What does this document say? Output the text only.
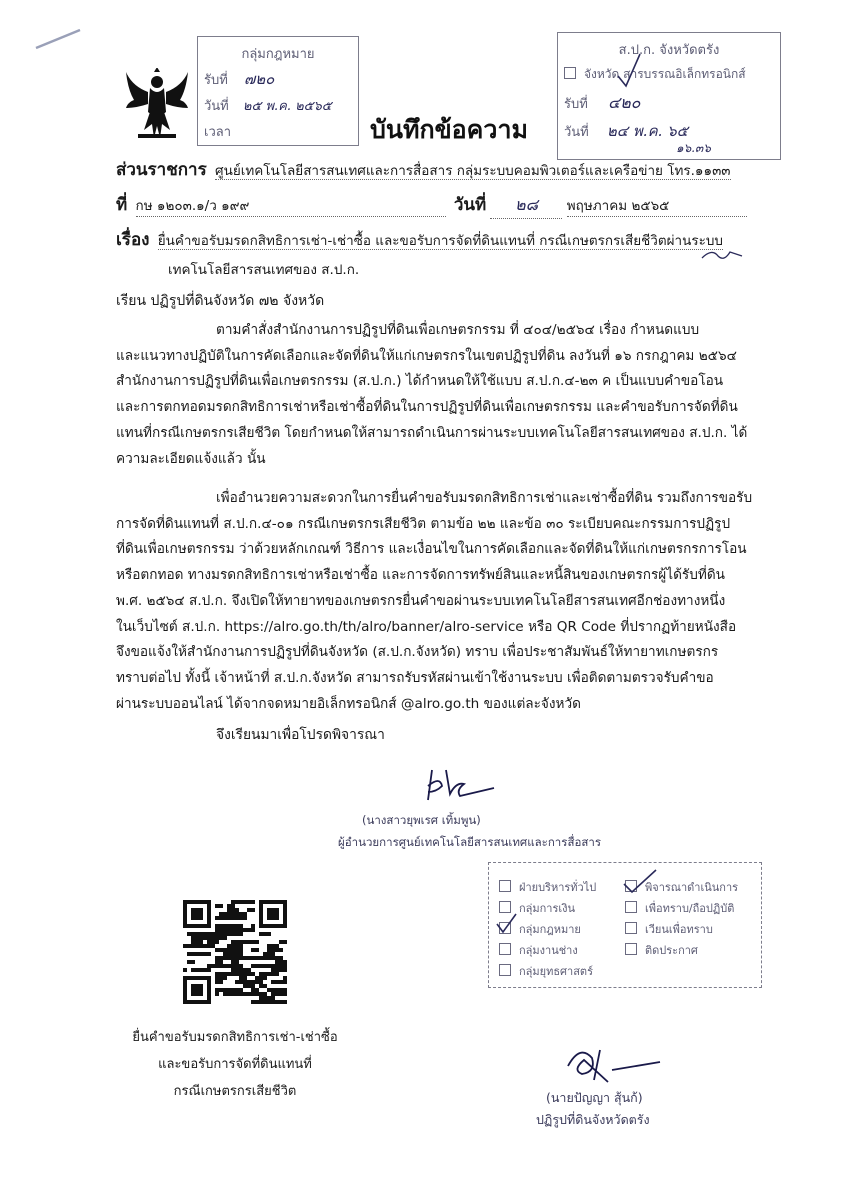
กลุ่มกฎหมาย
รับที่ ๗๒๐
วันที่ ๒๕ พ.ค. ๒๕๖๕
เวลา
ส.ป.ก. จังหวัดตรัง
จังหวัด สารบรรณอิเล็กทรอนิกส์
รับที่ ๔๒๐
วันที่ ๒๔ พ.ค. ๖๕
๑๖.๓๖
บันทึกข้อความ
ส่วนราชการ ศูนย์เทคโนโลยีสารสนเทศและการสื่อสาร กลุ่มระบบคอมพิวเตอร์และเครือข่าย โทร.๑๑๓๓
ที่ กษ ๑๒๐๓.๑/ว ๑๙๙	วันที่ ๒๘ พฤษภาคม ๒๕๖๕
เรื่อง ยื่นคำขอรับมรดกสิทธิการเช่า-เช่าซื้อ และขอรับการจัดที่ดินแทนที่ กรณีเกษตรกรเสียชีวิตผ่านระบบ
เทคโนโลยีสารสนเทศของ ส.ป.ก.
เรียน ปฏิรูปที่ดินจังหวัด ๗๒ จังหวัด
ตามคำสั่งสำนักงานการปฏิรูปที่ดินเพื่อเกษตรกรรม ที่ ๔๐๔/๒๕๖๔ เรื่อง กำหนดแบบ
และแนวทางปฏิบัติในการคัดเลือกและจัดที่ดินให้แก่เกษตรกรในเขตปฏิรูปที่ดิน ลงวันที่ ๑๖ กรกฎาคม ๒๕๖๔
สำนักงานการปฏิรูปที่ดินเพื่อเกษตรกรรม (ส.ป.ก.) ได้กำหนดให้ใช้แบบ ส.ป.ก.๔-๒๓ ค เป็นแบบคำขอโอน
และการตกทอดมรดกสิทธิการเช่าหรือเช่าซื้อที่ดินในการปฏิรูปที่ดินเพื่อเกษตรกรรม และคำขอรับการจัดที่ดิน
แทนที่กรณีเกษตรกรเสียชีวิต โดยกำหนดให้สามารถดำเนินการผ่านระบบเทคโนโลยีสารสนเทศของ ส.ป.ก. ได้
ความละเอียดแจ้งแล้ว นั้น
เพื่ออำนวยความสะดวกในการยื่นคำขอรับมรดกสิทธิการเช่าและเช่าซื้อที่ดิน รวมถึงการขอรับ
การจัดที่ดินแทนที่ ส.ป.ก.๔-๐๑ กรณีเกษตรกรเสียชีวิต ตามข้อ ๒๒ และข้อ ๓๐ ระเบียบคณะกรรมการปฏิรูป
ที่ดินเพื่อเกษตรกรรม ว่าด้วยหลักเกณฑ์ วิธีการ และเงื่อนไขในการคัดเลือกและจัดที่ดินให้แก่เกษตรกรการโอน
หรือตกทอด ทางมรดกสิทธิการเช่าหรือเช่าซื้อ และการจัดการทรัพย์สินและหนี้สินของเกษตรกรผู้ได้รับที่ดิน
พ.ศ. ๒๕๖๔ ส.ป.ก. จึงเปิดให้ทายาทของเกษตรกรยื่นคำขอผ่านระบบเทคโนโลยีสารสนเทศอีกช่องทางหนึ่ง
ในเว็บไซต์ ส.ป.ก. https://alro.go.th/th/alro/banner/alro-service หรือ QR Code ที่ปรากฏท้ายหนังสือ
จึงขอแจ้งให้สำนักงานการปฏิรูปที่ดินจังหวัด (ส.ป.ก.จังหวัด) ทราบ เพื่อประชาสัมพันธ์ให้ทายาทเกษตรกร
ทราบต่อไป ทั้งนี้ เจ้าหน้าที่ ส.ป.ก.จังหวัด สามารถรับรหัสผ่านเข้าใช้งานระบบ เพื่อติดตามตรวจรับคำขอ
ผ่านระบบออนไลน์ ได้จากจดหมายอิเล็กทรอนิกส์ @alro.go.th ของแต่ละจังหวัด
จึงเรียนมาเพื่อโปรดพิจารณา
(นางสาวยุพเรศ เทิ้มพูน)
ผู้อำนวยการศูนย์เทคโนโลยีสารสนเทศและการสื่อสาร
ฝ่ายบริหารทั่วไป
กลุ่มการเงิน
กลุ่มกฎหมาย
กลุ่มงานช่าง
กลุ่มยุทธศาสตร์
พิจารณาดำเนินการ
เพื่อทราบ/ถือปฏิบัติ
เวียนเพื่อทราบ
ติดประกาศ
ยื่นคำขอรับมรดกสิทธิการเช่า-เช่าซื้อ
และขอรับการจัดที่ดินแทนที่
กรณีเกษตรกรเสียชีวิต	(นายปัญญา สุ้นก้)
ปฏิรูปที่ดินจังหวัดตรัง
